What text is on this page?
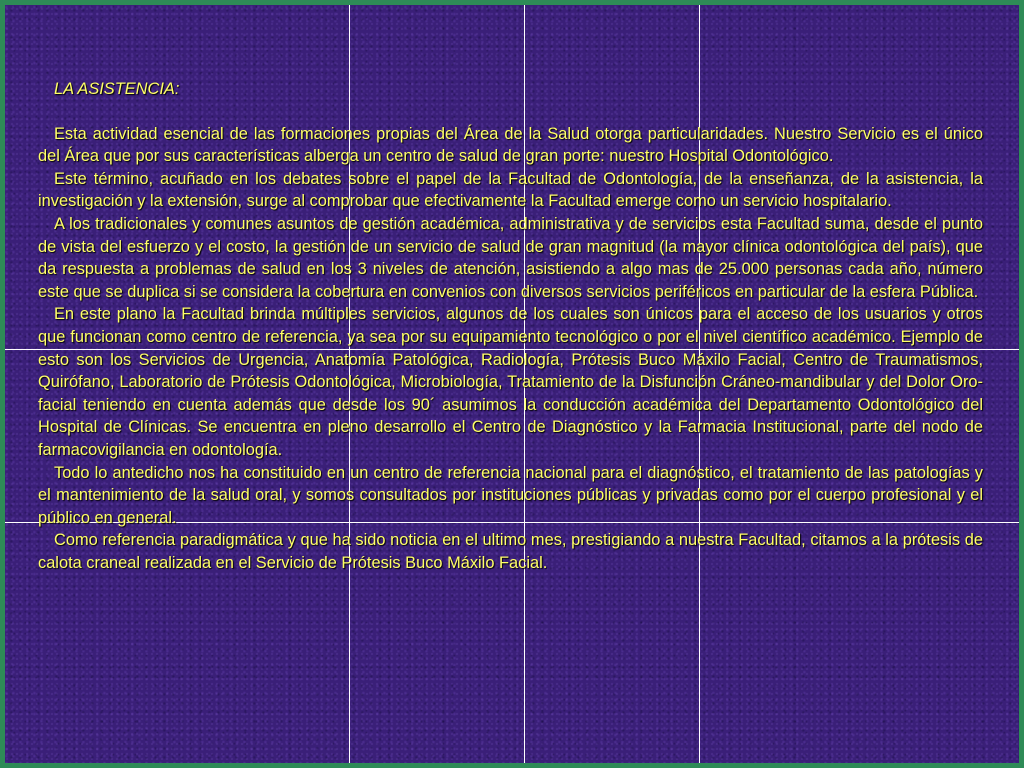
LA ASISTENCIA:

Esta actividad esencial de las formaciones propias del Área de la Salud otorga particularidades. Nuestro Servicio es el único del Área que por sus características alberga un centro de salud de gran porte: nuestro Hospital Odontológico.

Este término, acuñado en los debates sobre el papel de la Facultad de Odontología, de la enseñanza, de la asistencia, la investigación y la extensión, surge al comprobar que efectivamente la Facultad emerge como un servicio hospitalario.

A los tradicionales y comunes asuntos de gestión académica, administrativa y de servicios esta Facultad suma, desde el punto de vista del esfuerzo y el costo, la gestión de un servicio de salud de gran magnitud (la mayor clínica odontológica del país), que da respuesta a problemas de salud en los 3 niveles de atención, asistiendo a algo mas de 25.000 personas cada año, número este que se duplica si se considera la cobertura en convenios con diversos servicios periféricos en particular de la esfera Pública.

En este plano la Facultad brinda múltiples servicios, algunos de los cuales son únicos para el acceso de los usuarios y otros que funcionan como centro de referencia, ya sea por su equipamiento tecnológico o por el nivel científico académico. Ejemplo de esto son los Servicios de Urgencia, Anatomía Patológica, Radiología, Prótesis Buco Máxilo Facial, Centro de Traumatismos, Quirófano, Laboratorio de Prótesis Odontológica, Microbiología, Tratamiento de la Disfunción Cráneo-mandibular y del Dolor Oro-facial teniendo en cuenta además que desde los 90´ asumimos la conducción académica del Departamento Odontológico del Hospital de Clínicas. Se encuentra en pleno desarrollo el Centro de Diagnóstico y la Farmacia Institucional, parte del nodo de farmacovigilancia en odontología.

Todo lo antedicho nos ha constituido en un centro de referencia nacional para el diagnóstico, el tratamiento de las patologías y el mantenimiento de la salud oral, y somos consultados por instituciones públicas y privadas como por el cuerpo profesional y el público en general.

Como referencia paradigmática y que ha sido noticia en el ultimo mes, prestigiando a nuestra Facultad, citamos a la prótesis de calota craneal realizada en el Servicio de Prótesis Buco Máxilo Facial.
